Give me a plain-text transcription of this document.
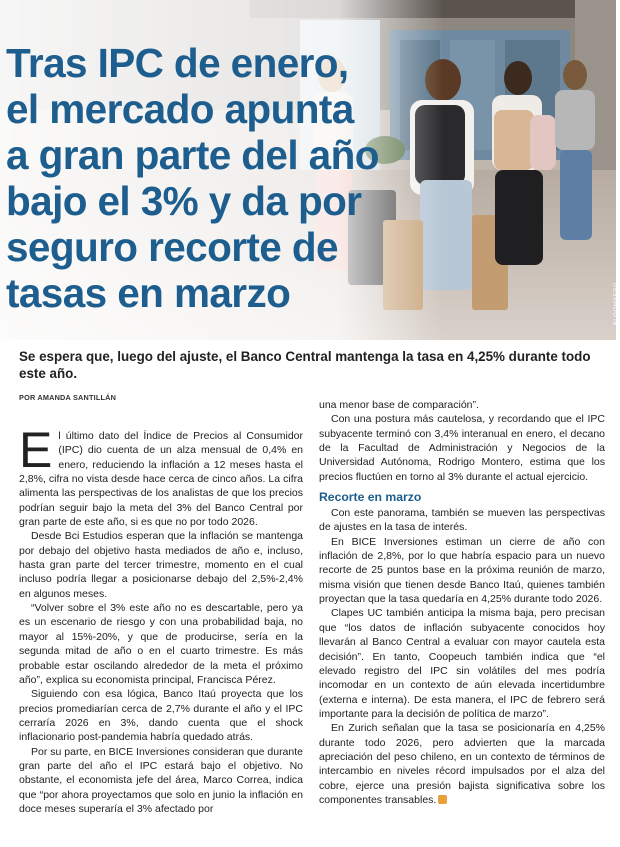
Tras IPC de enero, el mercado apunta a gran parte del año bajo el 3% y da por seguro recorte de tasas en marzo	BLOOMBERG

Se espera que, luego del ajuste, el Banco Central mantenga la tasa en 4,25% durante todo este año.

POR AMANDA SANTILLÁN

El último dato del Índice de Precios al Consumidor (IPC) dio cuenta de un alza mensual de 0,4% en enero, reduciendo la inflación a 12 meses hasta el 2,8%, cifra no vista desde hace cerca de cinco años. La cifra alimenta las perspectivas de los analistas de que los precios podrían seguir bajo la meta del 3% del Banco Central por gran parte de este año, si es que no por todo 2026.

Desde Bci Estudios esperan que la inflación se mantenga por debajo del objetivo hasta mediados de año e, incluso, hasta gran parte del tercer trimestre, momento en el cual incluso podría llegar a posicionarse debajo del 2,5%-2,4% en algunos meses.

“Volver sobre el 3% este año no es descartable, pero ya es un escenario de riesgo y con una probabilidad baja, no mayor al 15%-20%, y que de producirse, sería en la segunda mitad de año o en el cuarto trimestre. Es más probable estar oscilando alrededor de la meta el próximo año”, explica su economista principal, Francisca Pérez.

Siguiendo con esa lógica, Banco Itaú proyecta que los precios promediarían cerca de 2,7% durante el año y el IPC cerraría 2026 en 3%, dando cuenta que el shock inflacionario post-pandemia habría quedado atrás.

Por su parte, en BICE Inversiones consideran que durante gran parte del año el IPC estará bajo el objetivo. No obstante, el economista jefe del área, Marco Correa, indica que “por ahora proyectamos que solo en junio la inflación en doce meses superaría el 3% afectado por

una menor base de comparación”.

Con una postura más cautelosa, y recordando que el IPC subyacente terminó con 3,4% interanual en enero, el decano de la Facultad de Administración y Negocios de la Universidad Autónoma, Rodrigo Montero, estima que los precios fluctúen en torno al 3% durante el actual ejercicio.

Recorte en marzo

Con este panorama, también se mueven las perspectivas de ajustes en la tasa de interés.

En BICE Inversiones estiman un cierre de año con inflación de 2,8%, por lo que habría espacio para un nuevo recorte de 25 puntos base en la próxima reunión de marzo, misma visión que tienen desde Banco Itaú, quienes también proyectan que la tasa quedaría en 4,25% durante todo 2026.

Clapes UC también anticipa la misma baja, pero precisan que “los datos de inflación subyacente conocidos hoy llevarán al Banco Central a evaluar con mayor cautela esta decisión”. En tanto, Coopeuch también indica que “el elevado registro del IPC sin volátiles del mes podría incomodar en un contexto de aún elevada incertidumbre (externa e interna). De esta manera, el IPC de febrero será importante para la decisión de política de marzo”.

En Zurich señalan que la tasa se posicionaría en 4,25% durante todo 2026, pero advierten que la marcada apreciación del peso chileno, en un contexto de términos de intercambio en niveles récord impulsados por el alza del cobre, ejerce una presión bajista significativa sobre los componentes transables.
